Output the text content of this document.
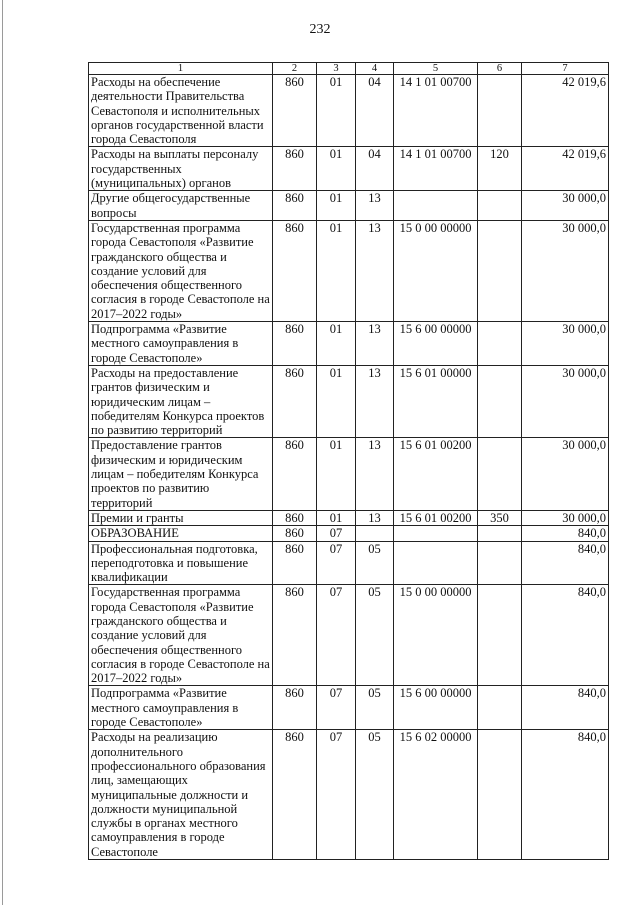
232
1	2	3	4	5	6	7
Расходы на обеспечение деятельности Правительства Севастополя и исполнительных органов государственной власти города Севастополя	860	01	04	14 1 01 00700		42 019,6
Расходы на выплаты персоналу государственных (муниципальных) органов	860	01	04	14 1 01 00700	120	42 019,6
Другие общегосударственные вопросы	860	01	13			30 000,0
Государственная программа города Севастополя «Развитие гражданского общества и создание условий для обеспечения общественного согласия в городе Севастополе на 2017–2022 годы»	860	01	13	15 0 00 00000		30 000,0
Подпрограмма «Развитие местного самоуправления в городе Севастополе»	860	01	13	15 6 00 00000		30 000,0
Расходы на предоставление грантов физическим и юридическим лицам – победителям Конкурса проектов по развитию территорий	860	01	13	15 6 01 00000		30 000,0
Предоставление грантов физическим и юридическим лицам – победителям Конкурса проектов по развитию территорий	860	01	13	15 6 01 00200		30 000,0
Премии и гранты	860	01	13	15 6 01 00200	350	30 000,0
ОБРАЗОВАНИЕ	860	07				840,0
Профессиональная подготовка, переподготовка и повышение квалификации	860	07	05			840,0
Государственная программа города Севастополя «Развитие гражданского общества и создание условий для обеспечения общественного согласия в городе Севастополе на 2017–2022 годы»	860	07	05	15 0 00 00000		840,0
Подпрограмма «Развитие местного самоуправления в городе Севастополе»	860	07	05	15 6 00 00000		840,0
Расходы на реализацию дополнительного профессионального образования лиц, замещающих муниципальные должности и должности муниципальной службы в органах местного самоуправления в городе Севастополе	860	07	05	15 6 02 00000		840,0
